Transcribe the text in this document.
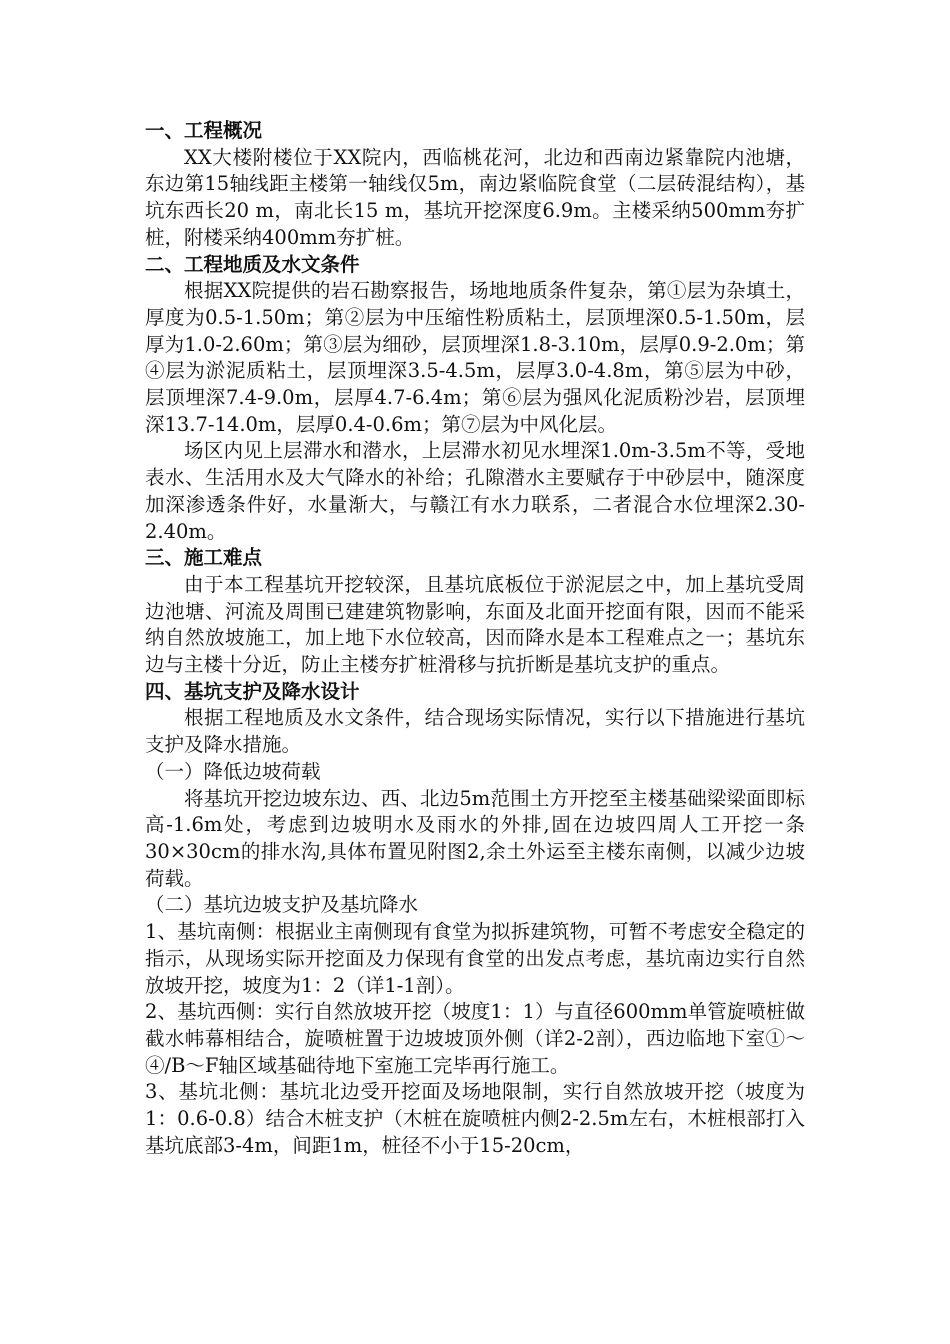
一、工程概况

XX大楼附楼位于XX院内，西临桃花河，北边和西南边紧靠院内池塘，东边第15轴线距主楼第一轴线仅5m，南边紧临院食堂（二层砖混结构），基坑东西长20 m，南北长15 m，基坑开挖深度6.9m。主楼采纳500mm夯扩桩，附楼采纳400mm夯扩桩。

二、工程地质及水文条件

根据XX院提供的岩石勘察报告，场地地质条件复杂，第①层为杂填土，厚度为0.5-1.50m；第②层为中压缩性粉质粘土，层顶埋深0.5-1.50m，层厚为1.0-2.60m；第③层为细砂，层顶埋深1.8-3.10m，层厚0.9-2.0m；第④层为淤泥质粘土，层顶埋深3.5-4.5m，层厚3.0-4.8m，第⑤层为中砂，层顶埋深7.4-9.0m，层厚4.7-6.4m；第⑥层为强风化泥质粉沙岩，层顶埋深13.7-14.0m，层厚0.4-0.6m；第⑦层为中风化层。

场区内见上层滞水和潜水，上层滞水初见水埋深1.0m-3.5m不等，受地表水、生活用水及大气降水的补给；孔隙潜水主要赋存于中砂层中，随深度加深渗透条件好，水量渐大，与赣江有水力联系，二者混合水位埋深2.30-2.40m。

三、施工难点

由于本工程基坑开挖较深，且基坑底板位于淤泥层之中，加上基坑受周边池塘、河流及周围已建建筑物影响，东面及北面开挖面有限，因而不能采纳自然放坡施工，加上地下水位较高，因而降水是本工程难点之一；基坑东边与主楼十分近，防止主楼夯扩桩滑移与抗折断是基坑支护的重点。

四、基坑支护及降水设计

根据工程地质及水文条件，结合现场实际情况，实行以下措施进行基坑支护及降水措施。

（一）降低边坡荷载

将基坑开挖边坡东边、西、北边5m范围土方开挖至主楼基础梁梁面即标高-1.6m处，考虑到边坡明水及雨水的外排,固在边坡四周人工开挖一条30×30cm的排水沟,具体布置见附图2,余土外运至主楼东南侧，以减少边坡荷载。

（二）基坑边坡支护及基坑降水

1、基坑南侧：根据业主南侧现有食堂为拟拆建筑物，可暂不考虑安全稳定的指示，从现场实际开挖面及力保现有食堂的出发点考虑，基坑南边实行自然放坡开挖，坡度为1：2（详1-1剖）。

2、基坑西侧：实行自然放坡开挖（坡度1：1）与直径600mm单管旋喷桩做截水帏幕相结合，旋喷桩置于边坡坡顶外侧（详2-2剖），西边临地下室①～④/B～F轴区域基础待地下室施工完毕再行施工。

3、基坑北侧：基坑北边受开挖面及场地限制，实行自然放坡开挖（坡度为1：0.6-0.8）结合木桩支护（木桩在旋喷桩内侧2-2.5m左右，木桩根部打入基坑底部3-4m，间距1m，桩径不小于15-20cm，
